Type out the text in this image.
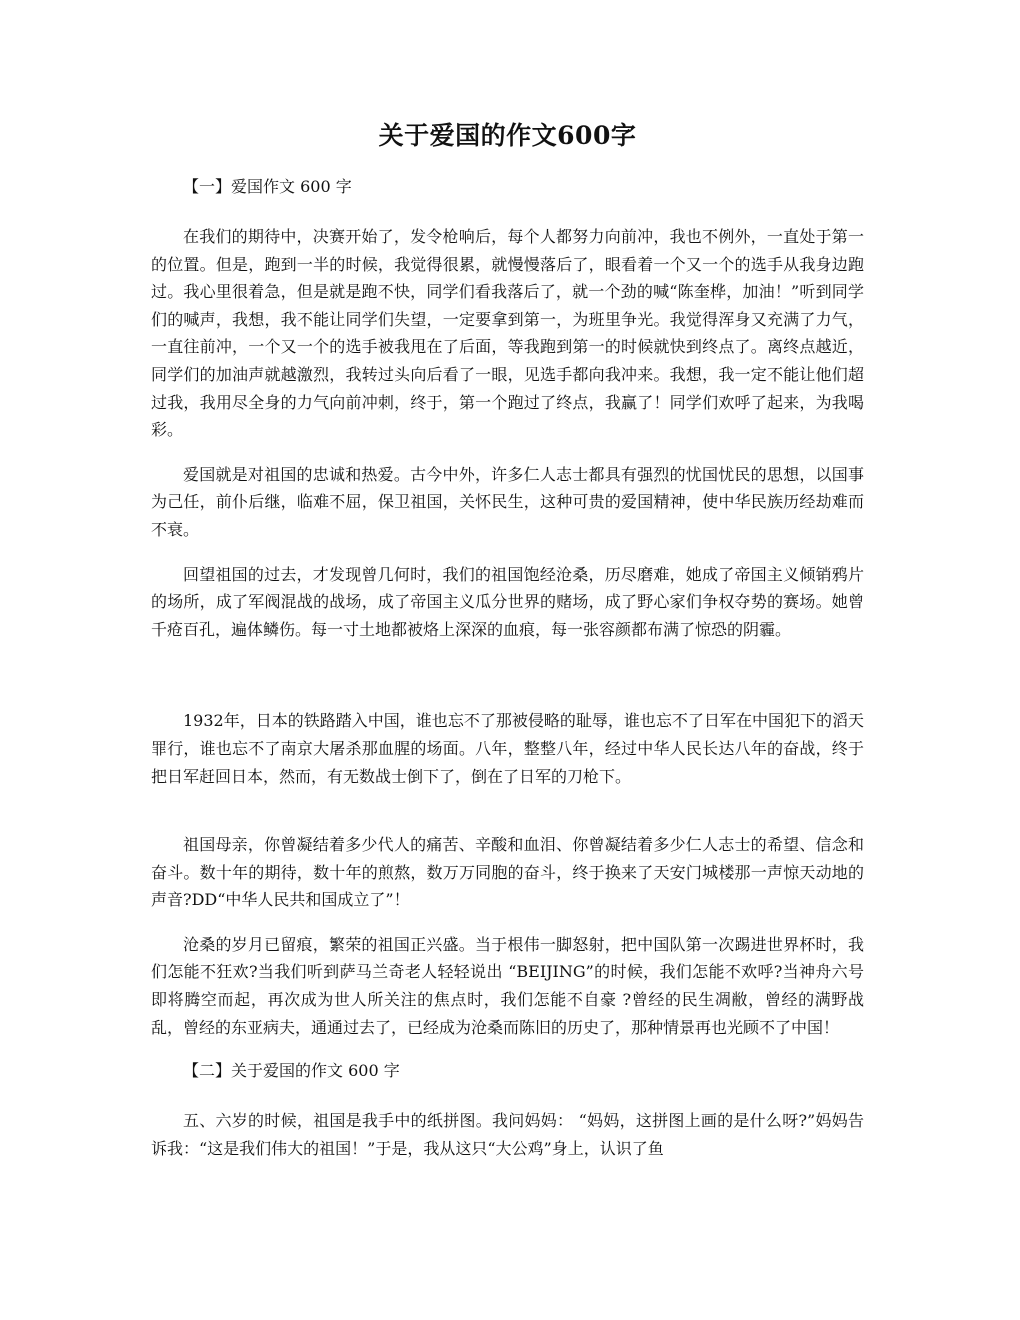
关于爱国的作文600字
【一】爱国作文 600 字

在我们的期待中，决赛开始了，发令枪响后，每个人都努力向前冲，我也不例外，一直处于第一的位置。但是，跑到一半的时候，我觉得很累，就慢慢落后了，眼看着一个又一个的选手从我身边跑过。我心里很着急，但是就是跑不快，同学们看我落后了，就一个劲的喊“陈奎桦，加油！”听到同学们的喊声，我想，我不能让同学们失望，一定要拿到第一，为班里争光。我觉得浑身又充满了力气，一直往前冲，一个又一个的选手被我甩在了后面，等我跑到第一的时候就快到终点了。离终点越近，同学们的加油声就越激烈，我转过头向后看了一眼，见选手都向我冲来。我想，我一定不能让他们超过我，我用尽全身的力气向前冲刺，终于，第一个跑过了终点，我赢了！同学们欢呼了起来，为我喝彩。

爱国就是对祖国的忠诚和热爱。古今中外，许多仁人志士都具有强烈的忧国忧民的思想，以国事为己任，前仆后继，临难不屈，保卫祖国，关怀民生，这种可贵的爱国精神，使中华民族历经劫难而不衰。

回望祖国的过去，才发现曾几何时，我们的祖国饱经沧桑，历尽磨难，她成了帝国主义倾销鸦片的场所，成了军阀混战的战场，成了帝国主义瓜分世界的赌场，成了野心家们争权夺势的赛场。她曾千疮百孔，遍体鳞伤。每一寸土地都被烙上深深的血痕，每一张容颜都布满了惊恐的阴霾。

1932年，日本的铁路踏入中国，谁也忘不了那被侵略的耻辱，谁也忘不了日军在中国犯下的滔天罪行，谁也忘不了南京大屠杀那血腥的场面。八年，整整八年，经过中华人民长达八年的奋战，终于把日军赶回日本，然而，有无数战士倒下了，倒在了日军的刀枪下。

祖国母亲，你曾凝结着多少代人的痛苦、辛酸和血泪、你曾凝结着多少仁人志士的希望、信念和奋斗。数十年的期待，数十年的煎熬，数万万同胞的奋斗，终于换来了天安门城楼那一声惊天动地的声音?DD“中华人民共和国成立了”！

沧桑的岁月已留痕，繁荣的祖国正兴盛。当于根伟一脚怒射，把中国队第一次踢进世界杯时，我们怎能不狂欢?当我们听到萨马兰奇老人轻轻说出 “BEIJING”的时候，我们怎能不欢呼?当神舟六号即将腾空而起，再次成为世人所关注的焦点时，我们怎能不自豪 ?曾经的民生凋敝，曾经的满野战乱，曾经的东亚病夫，通通过去了，已经成为沧桑而陈旧的历史了，那种情景再也光顾不了中国！

【二】关于爱国的作文 600 字

五、六岁的时候，祖国是我手中的纸拼图。我问妈妈： “妈妈，这拼图上画的是什么呀?”妈妈告诉我：“这是我们伟大的祖国！”于是，我从这只“大公鸡”身上，认识了鱼
